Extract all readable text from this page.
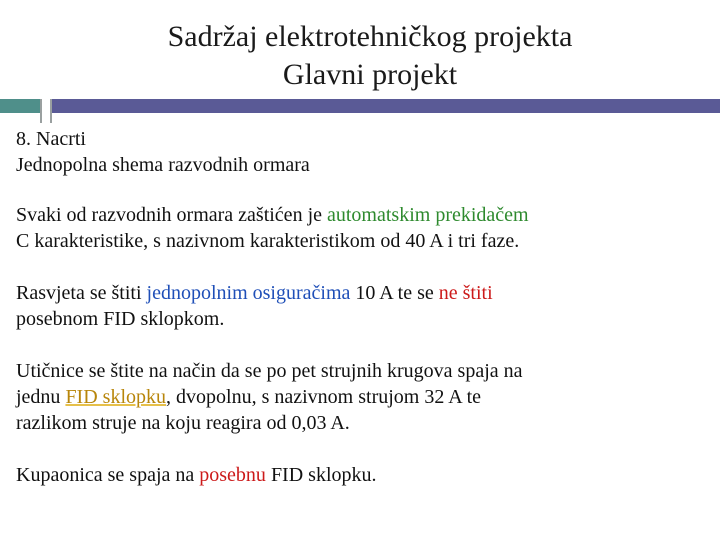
Sadržaj elektrotehničkog projekta
Glavni projekt
8. Nacrti
Jednopolna shema razvodnih ormara

Svaki od razvodnih ormara zaštićen je automatskim prekidačem
C karakteristike, s nazivnom karakteristikom od 40 A i tri faze.

Rasvjeta se štiti jednopolnim osiguračima 10 A te se ne štiti
posebnom FID sklopkom.

Utičnice se štite na način da se po pet strujnih krugova spaja na
jednu FID sklopku, dvopolnu, s nazivnom strujom 32 A te
razlikom struje na koju reagira od 0,03 A.

Kupaonica se spaja na posebnu FID sklopku.
